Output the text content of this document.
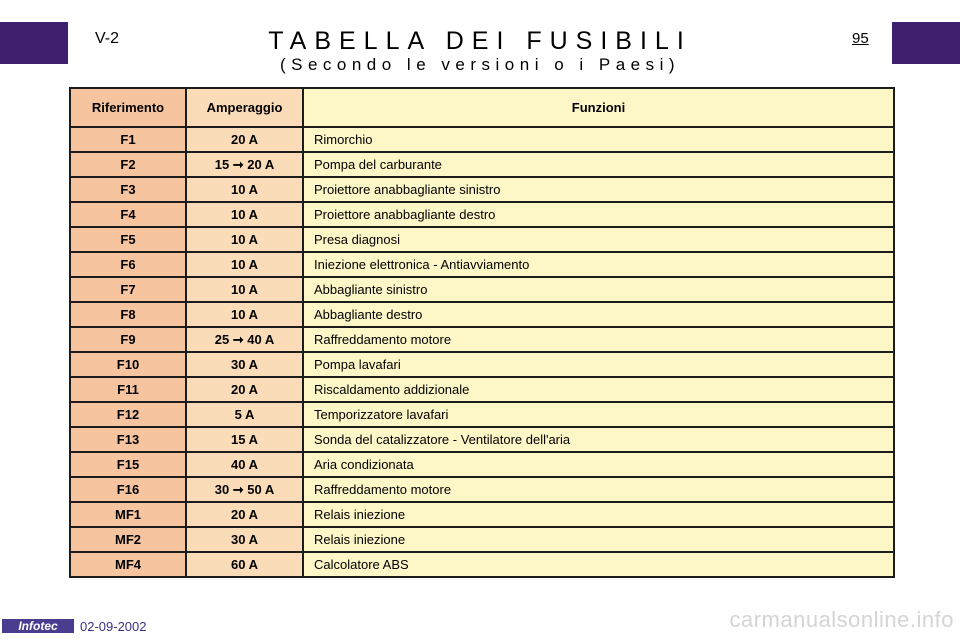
V-2	TABELLA DEI FUSIBILI
(Secondo le versioni o i Paesi)
95
Riferimento	Amperaggio	Funzioni
F1	20 A	Rimorchio
F2	15 ➞ 20 A	Pompa del carburante
F3	10 A	Proiettore anabbagliante sinistro
F4	10 A	Proiettore anabbagliante destro
F5	10 A	Presa diagnosi
F6	10 A	Iniezione elettronica - Antiavviamento
F7	10 A	Abbagliante sinistro
F8	10 A	Abbagliante destro
F9	25 ➞ 40 A	Raffreddamento motore
F10	30 A	Pompa lavafari
F11	20 A	Riscaldamento addizionale
F12	5 A	Temporizzatore lavafari
F13	15 A	Sonda del catalizzatore - Ventilatore dell'aria
F15	40 A	Aria condizionata
F16	30 ➞ 50 A	Raffreddamento motore
MF1	20 A	Relais iniezione
MF2	30 A	Relais iniezione
MF4	60 A	Calcolatore ABS
Infotec	02-09-2002	carmanualsonline.info
